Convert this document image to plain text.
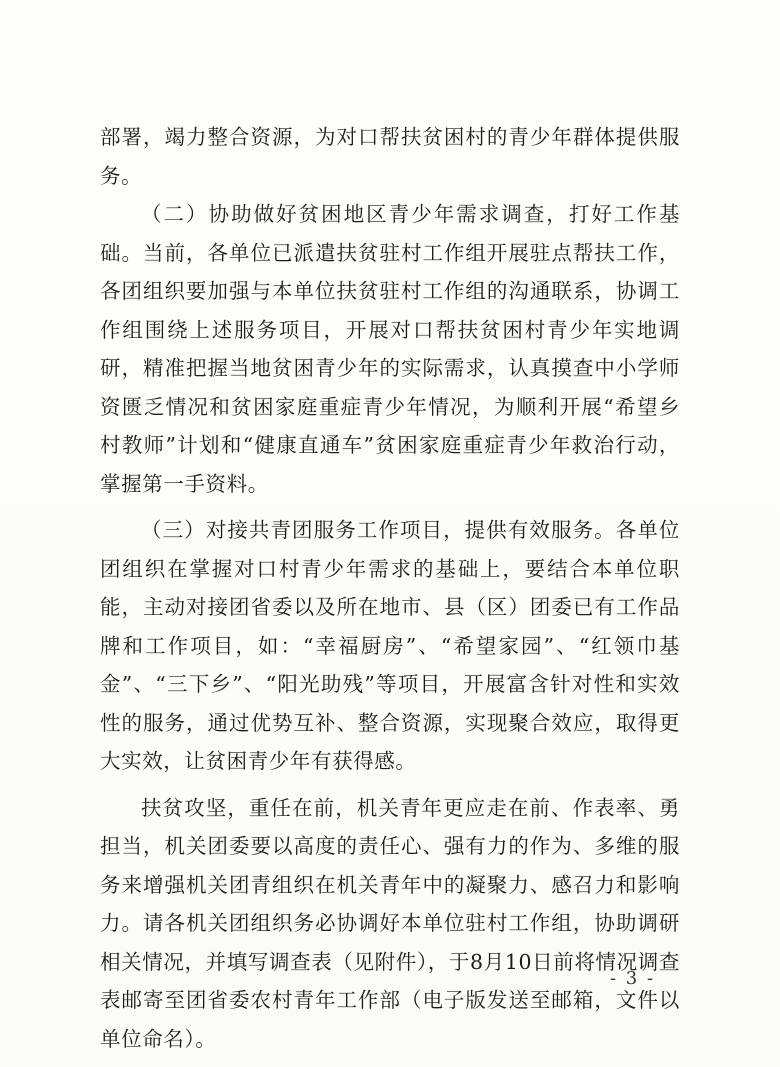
部署，竭力整合资源，为对口帮扶贫困村的青少年群体提供服务。

（二）协助做好贫困地区青少年需求调查，打好工作基础。当前，各单位已派遣扶贫驻村工作组开展驻点帮扶工作，各团组织要加强与本单位扶贫驻村工作组的沟通联系，协调工作组围绕上述服务项目，开展对口帮扶贫困村青少年实地调研，精准把握当地贫困青少年的实际需求，认真摸查中小学师资匮乏情况和贫困家庭重症青少年情况，为顺利开展“希望乡村教师”计划和“健康直通车”贫困家庭重症青少年救治行动，掌握第一手资料。

（三）对接共青团服务工作项目，提供有效服务。各单位团组织在掌握对口村青少年需求的基础上，要结合本单位职能，主动对接团省委以及所在地市、县（区）团委已有工作品牌和工作项目，如：“幸福厨房”、“希望家园”、“红领巾基金”、“三下乡”、“阳光助残”等项目，开展富含针对性和实效性的服务，通过优势互补、整合资源，实现聚合效应，取得更大实效，让贫困青少年有获得感。

扶贫攻坚，重任在前，机关青年更应走在前、作表率、勇担当，机关团委要以高度的责任心、强有力的作为、多维的服务来增强机关团青组织在机关青年中的凝聚力、感召力和影响力。请各机关团组织务必协调好本单位驻村工作组，协助调研相关情况，并填写调查表（见附件），于8月10日前将情况调查表邮寄至团省委农村青年工作部（电子版发送至邮箱，文件以单位命名）。

- 3 -
